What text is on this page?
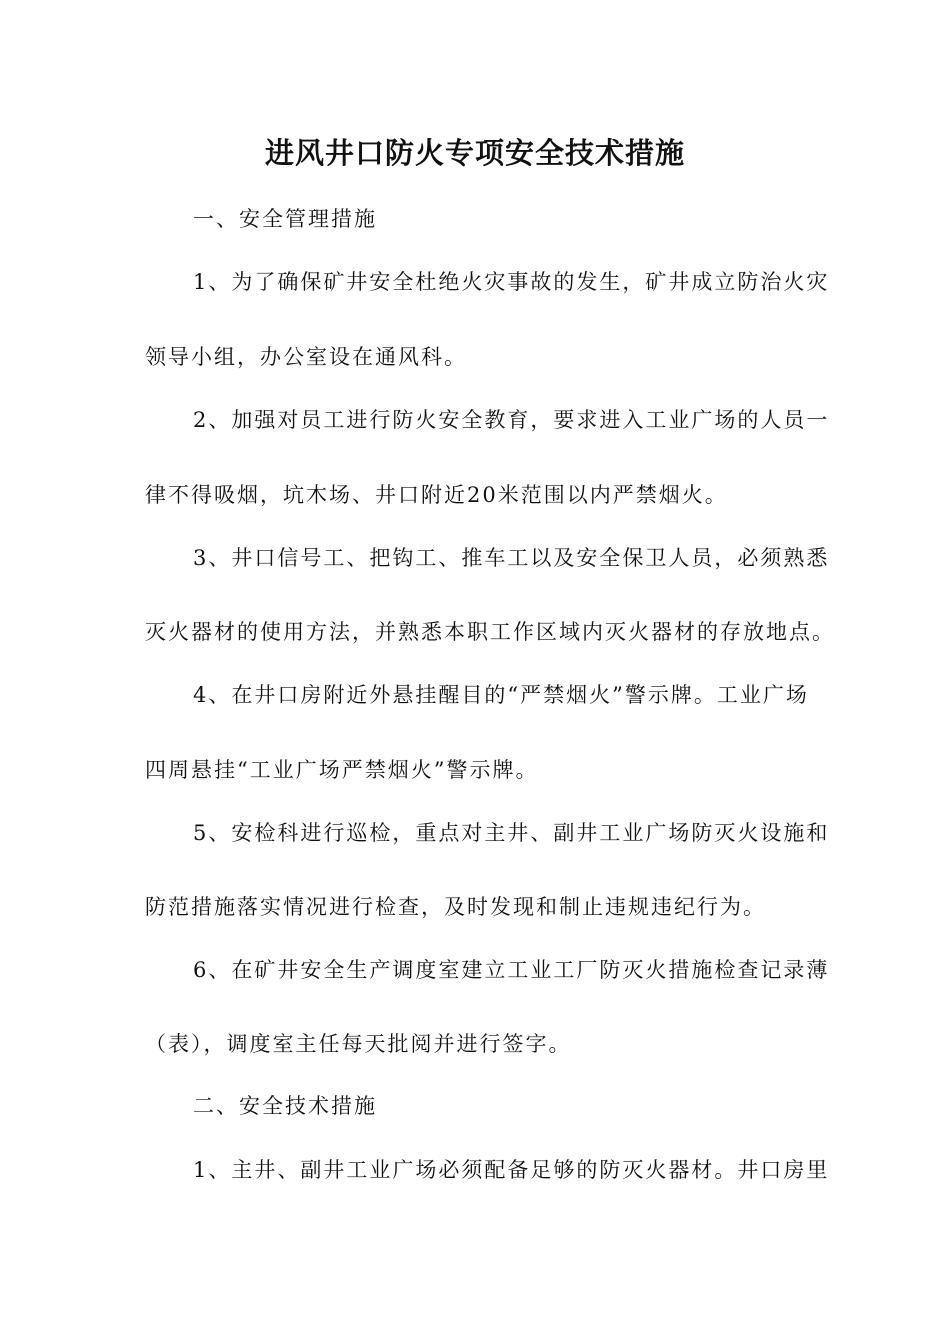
进风井口防火专项安全技术措施
一、安全管理措施
1、为了确保矿井安全杜绝火灾事故的发生，矿井成立防治火灾
领导小组，办公室设在通风科。
2、加强对员工进行防火安全教育，要求进入工业广场的人员一
律不得吸烟，坑木场、井口附近20米范围以内严禁烟火。
3、井口信号工、把钩工、推车工以及安全保卫人员，必须熟悉
灭火器材的使用方法，并熟悉本职工作区域内灭火器材的存放地点。
4、在井口房附近外悬挂醒目的“严禁烟火”警示牌。工业广场
四周悬挂“工业广场严禁烟火”警示牌。
5、安检科进行巡检，重点对主井、副井工业广场防灭火设施和
防范措施落实情况进行检查，及时发现和制止违规违纪行为。
6、在矿井安全生产调度室建立工业工厂防灭火措施检查记录薄
（表），调度室主任每天批阅并进行签字。
二、安全技术措施
1、主井、副井工业广场必须配备足够的防灭火器材。井口房里
